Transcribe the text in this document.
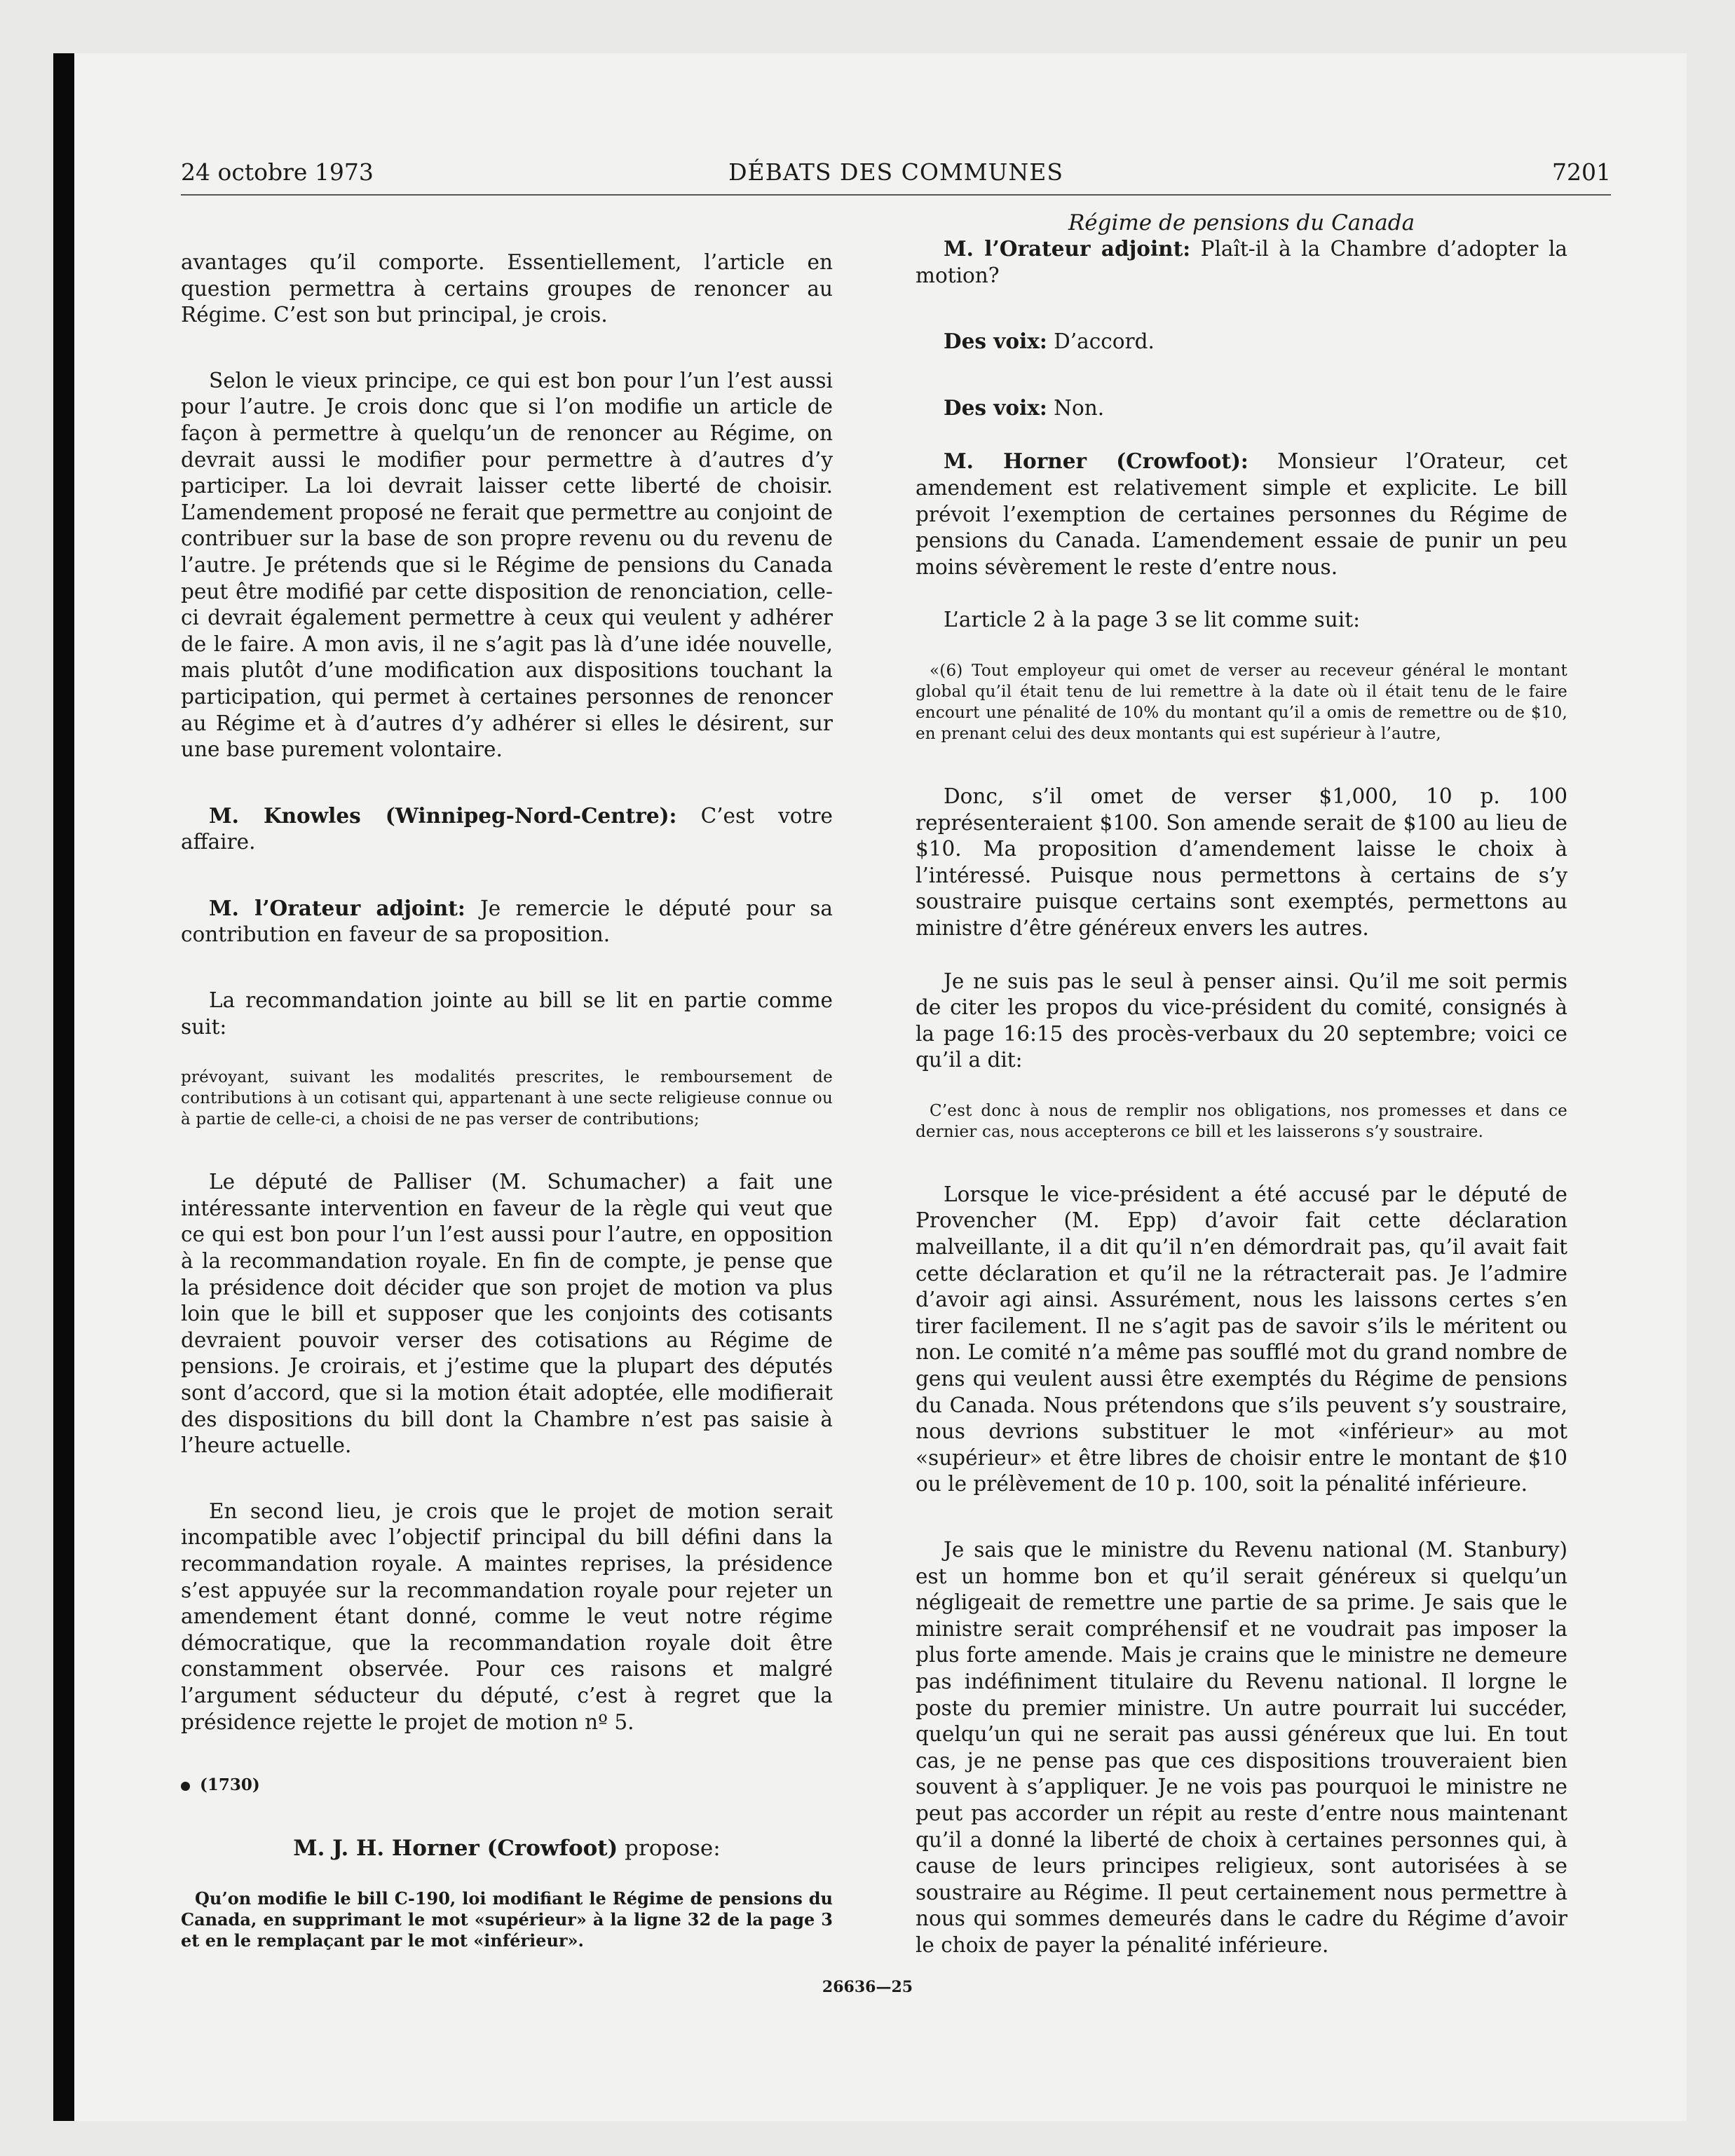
24 octobre 1973	DÉBATS DES COMMUNES	7201

avantages qu’il comporte. Essentiellement, l’article en question permettra à certains groupes de renoncer au Régime. C’est son but principal, je crois.

Selon le vieux principe, ce qui est bon pour l’un l’est aussi pour l’autre. Je crois donc que si l’on modifie un article de façon à permettre à quelqu’un de renoncer au Régime, on devrait aussi le modifier pour permettre à d’autres d’y participer. La loi devrait laisser cette liberté de choisir. L’amendement proposé ne ferait que permettre au conjoint de contribuer sur la base de son propre revenu ou du revenu de l’autre. Je prétends que si le Régime de pensions du Canada peut être modifié par cette disposition de renonciation, celle-ci devrait également permettre à ceux qui veulent y adhérer de le faire. A mon avis, il ne s’agit pas là d’une idée nouvelle, mais plutôt d’une modification aux dispositions touchant la participation, qui permet à certaines personnes de renoncer au Régime et à d’autres d’y adhérer si elles le désirent, sur une base purement volontaire.

M. Knowles (Winnipeg-Nord-Centre): C’est votre affaire.

M. l’Orateur adjoint: Je remercie le député pour sa contribution en faveur de sa proposition.

La recommandation jointe au bill se lit en partie comme suit:

prévoyant, suivant les modalités prescrites, le remboursement de contributions à un cotisant qui, appartenant à une secte religieuse connue ou à partie de celle-ci, a choisi de ne pas verser de contributions;

Le député de Palliser (M. Schumacher) a fait une intéressante intervention en faveur de la règle qui veut que ce qui est bon pour l’un l’est aussi pour l’autre, en opposition à la recommandation royale. En fin de compte, je pense que la présidence doit décider que son projet de motion va plus loin que le bill et supposer que les conjoints des cotisants devraient pouvoir verser des cotisations au Régime de pensions. Je croirais, et j’estime que la plupart des députés sont d’accord, que si la motion était adoptée, elle modifierait des dispositions du bill dont la Chambre n’est pas saisie à l’heure actuelle.

En second lieu, je crois que le projet de motion serait incompatible avec l’objectif principal du bill défini dans la recommandation royale. A maintes reprises, la présidence s’est appuyée sur la recommandation royale pour rejeter un amendement étant donné, comme le veut notre régime démocratique, que la recommandation royale doit être constamment observée. Pour ces raisons et malgré l’argument séducteur du député, c’est à regret que la présidence rejette le projet de motion nº 5.

(1730)

M. J. H. Horner (Crowfoot) propose:

Qu’on modifie le bill C-190, loi modifiant le Régime de pensions du Canada, en supprimant le mot «supérieur» à la ligne 32 de la page 3 et en le remplaçant par le mot «inférieur».

Régime de pensions du Canada

M. l’Orateur adjoint: Plaît-il à la Chambre d’adopter la motion?

Des voix: D’accord.

Des voix: Non.

M. Horner (Crowfoot): Monsieur l’Orateur, cet amendement est relativement simple et explicite. Le bill prévoit l’exemption de certaines personnes du Régime de pensions du Canada. L’amendement essaie de punir un peu moins sévèrement le reste d’entre nous.

L’article 2 à la page 3 se lit comme suit:

«(6) Tout employeur qui omet de verser au receveur général le montant global qu’il était tenu de lui remettre à la date où il était tenu de le faire encourt une pénalité de 10% du montant qu’il a omis de remettre ou de $10, en prenant celui des deux montants qui est supérieur à l’autre,

Donc, s’il omet de verser $1,000, 10 p. 100 représenteraient $100. Son amende serait de $100 au lieu de $10. Ma proposition d’amendement laisse le choix à l’intéressé. Puisque nous permettons à certains de s’y soustraire puisque certains sont exemptés, permettons au ministre d’être généreux envers les autres.

Je ne suis pas le seul à penser ainsi. Qu’il me soit permis de citer les propos du vice-président du comité, consignés à la page 16:15 des procès-verbaux du 20 septembre; voici ce qu’il a dit:

C’est donc à nous de remplir nos obligations, nos promesses et dans ce dernier cas, nous accepterons ce bill et les laisserons s’y soustraire.

Lorsque le vice-président a été accusé par le député de Provencher (M. Epp) d’avoir fait cette déclaration malveillante, il a dit qu’il n’en démordrait pas, qu’il avait fait cette déclaration et qu’il ne la rétracterait pas. Je l’admire d’avoir agi ainsi. Assurément, nous les laissons certes s’en tirer facilement. Il ne s’agit pas de savoir s’ils le méritent ou non. Le comité n’a même pas soufflé mot du grand nombre de gens qui veulent aussi être exemptés du Régime de pensions du Canada. Nous prétendons que s’ils peuvent s’y soustraire, nous devrions substituer le mot «inférieur» au mot «supérieur» et être libres de choisir entre le montant de $10 ou le prélèvement de 10 p. 100, soit la pénalité inférieure.

Je sais que le ministre du Revenu national (M. Stanbury) est un homme bon et qu’il serait généreux si quelqu’un négligeait de remettre une partie de sa prime. Je sais que le ministre serait compréhensif et ne voudrait pas imposer la plus forte amende. Mais je crains que le ministre ne demeure pas indéfiniment titulaire du Revenu national. Il lorgne le poste du premier ministre. Un autre pourrait lui succéder, quelqu’un qui ne serait pas aussi généreux que lui. En tout cas, je ne pense pas que ces dispositions trouveraient bien souvent à s’appliquer. Je ne vois pas pourquoi le ministre ne peut pas accorder un répit au reste d’entre nous maintenant qu’il a donné la liberté de choix à certaines personnes qui, à cause de leurs principes religieux, sont autorisées à se soustraire au Régime. Il peut certainement nous permettre à nous qui sommes demeurés dans le cadre du Régime d’avoir le choix de payer la pénalité inférieure.

26636—25
